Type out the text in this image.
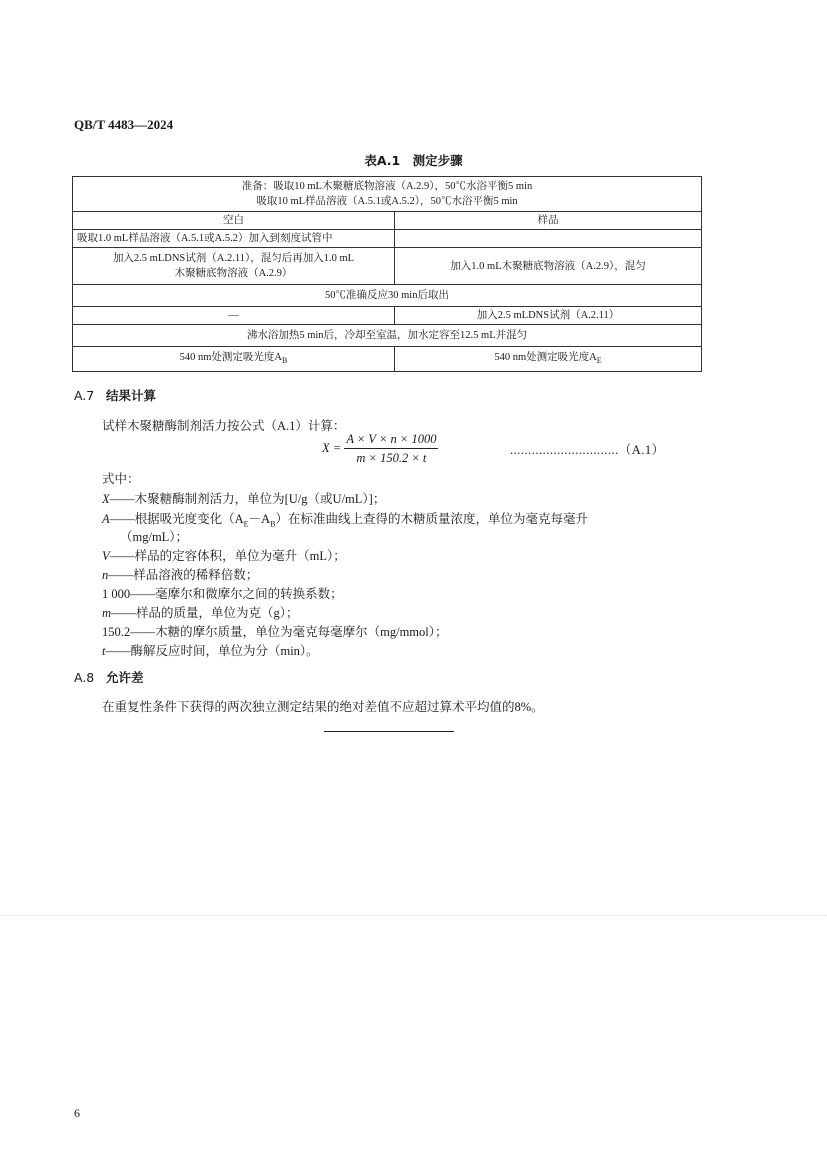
QB/T 4483—2024
表A.1　测定步骤
准备：吸取10 mL木聚糖底物溶液（A.2.9），50℃水浴平衡5 min
吸取10 mL样品溶液（A.5.1或A.5.2），50℃水浴平衡5 min	

空白	样品
吸取1.0 mL样品溶液（A.5.1或A.5.2）加入到刻度试管中	

加入2.5 mLDNS试剂（A.2.11），混匀后再加入1.0 mL
木聚糖底物溶液（A.2.9）	加入1.0 mL木聚糖底物溶液（A.2.9），混匀
50℃准确反应30 min后取出	
—	加入2.5 mLDNS试剂（A.2.11）
沸水浴加热5 min后，冷却至室温，加水定容至12.5 mL并混匀	
540 nm处测定吸光度$A_B$	540 nm处测定吸光度$A_E$
A.7 结果计算
试样木聚糖酶制剂活力按公式（A.1）计算：
$X = \frac{A \times V \times n \times 1000}{m \times 150.2 \times t}$	..............................（A.1）
式中：
X——木聚糖酶制剂活力，单位为[U/g（或U/mL）]；
A——根据吸光度变化$(A_E-A_B)$在标准曲线上查得的木糖质量浓度，单位为毫克每毫升
（mg/mL）；
V——样品的定容体积，单位为毫升（mL）；
n——样品溶液的稀释倍数；
1 000——毫摩尔和微摩尔之间的转换系数；
m——样品的质量，单位为克（g）；
150.2——木糖的摩尔质量，单位为毫克每毫摩尔（mg/mmol）；
t——酶解反应时间，单位为分（min）。
A.8 允许差
在重复性条件下获得的两次独立测定结果的绝对差值不应超过算术平均值的8%。
6
